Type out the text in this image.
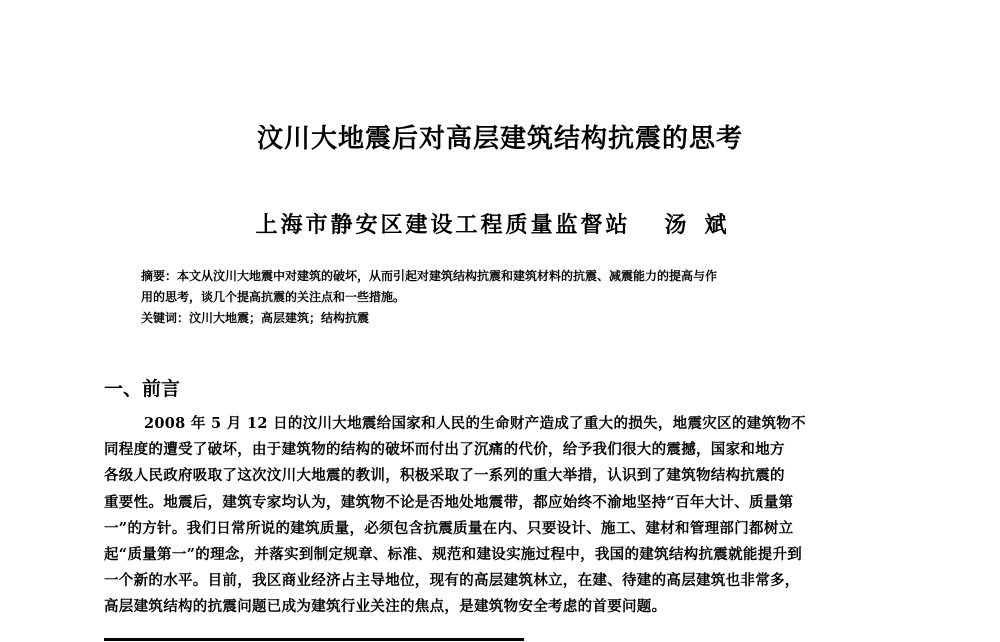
汶川大地震后对高层建筑结构抗震的思考
上海市静安区建设工程质量监督站 汤斌

摘要：本文从汶川大地震中对建筑的破坏，从而引起对建筑结构抗震和建筑材料的抗震、减震能力的提高与作

用的思考，谈几个提高抗震的关注点和一些措施。

关键词：汶川大地震；高层建筑；结构抗震

一、前言
2008 年 5 月 12 日的汶川大地震给国家和人民的生命财产造成了重大的损失，地震灾区的建筑物不
同程度的遭受了破坏，由于建筑物的结构的破坏而付出了沉痛的代价，给予我们很大的震撼，国家和地方
各级人民政府吸取了这次汶川大地震的教训，积极采取了一系列的重大举措，认识到了建筑物结构抗震的
重要性。地震后，建筑专家均认为，建筑物不论是否地处地震带，都应始终不渝地坚持“百年大计、质量第
一”的方针。我们日常所说的建筑质量，必须包含抗震质量在内、只要设计、施工、建材和管理部门都树立
起“质量第一”的理念，并落实到制定规章、标准、规范和建设实施过程中，我国的建筑结构抗震就能提升到
一个新的水平。目前，我区商业经济占主导地位，现有的高层建筑林立，在建、待建的高层建筑也非常多，
高层建筑结构的抗震问题已成为建筑行业关注的焦点，是建筑物安全考虑的首要问题。
